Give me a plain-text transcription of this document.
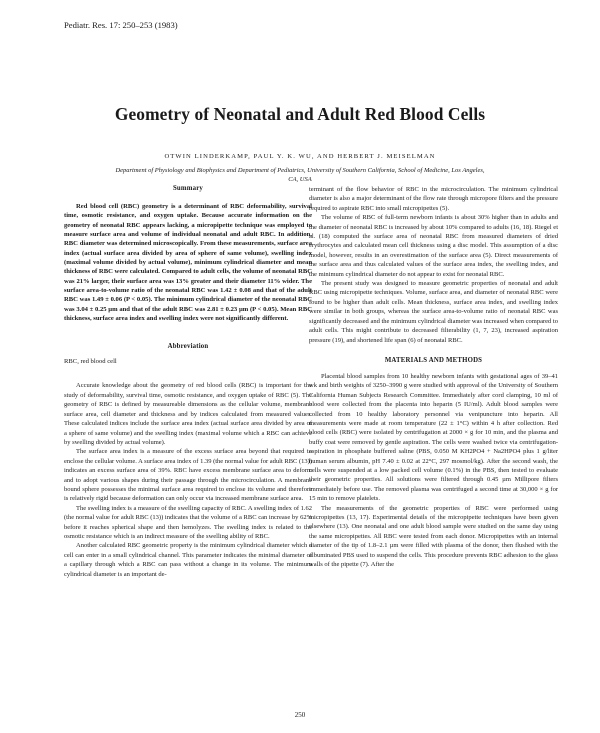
Pediatr. Res. 17: 250–253 (1983)
Geometry of Neonatal and Adult Red Blood Cells
OTWIN LINDERKAMP, PAUL Y. K. WU, AND HERBERT J. MEISELMAN
Department of Physiology and Biophysics and Department of Pediatrics, University of Southern California, School of Medicine, Los Angeles, CA, USA
Summary

Red blood cell (RBC) geometry is a determinant of RBC deformability, survival time, osmotic resistance, and oxygen uptake. Because accurate information on the geometry of neonatal RBC appears lacking, a micropipette technique was employed to measure surface area and volume of individual neonatal and adult RBC. In addition, RBC diameter was determined microscopically. From these measurements, surface area index (actual surface area divided by area of sphere of same volume), swelling index (maximal volume divided by actual volume), minimum cylindrical diameter and mean thickness of RBC were calculated. Compared to adult cells, the volume of neonatal RBC was 21% larger, their surface area was 13% greater and their diameter 11% wider. The surface area-to-volume ratio of the neonatal RBC was 1.42 ± 0.08 and that of the adult RBC was 1.49 ± 0.06 (P < 0.05). The minimum cylindrical diameter of the neonatal RBC was 3.04 ± 0.25 µm and that of the adult RBC was 2.81 ± 0.23 µm (P < 0.05). Mean RBC thickness, surface area index and swelling index were not significantly different.

Abbreviation

RBC, red blood cell

Accurate knowledge about the geometry of red blood cells (RBC) is important for the study of deformability, survival time, osmotic resistance, and oxygen uptake of RBC (5). The geometry of RBC is defined by measureable dimensions as the cellular volume, membrane surface area, cell diameter and thickness and by indices calculated from measured values. These calculated indices include the surface area index (actual surface area divided by area of a sphere of same volume) and the swelling index (maximal volume which a RBC can achieve by swelling divided by actual volume).

The surface area index is a measure of the excess surface area beyond that required to enclose the cellular volume. A surface area index of 1.39 (the normal value for adult RBC (13)) indicates an excess surface area of 39%. RBC have excess membrane surface area to deform and to adopt various shapes during their passage through the microcirculation. A membrane bound sphere possesses the minimal surface area required to enclose its volume and therefore is relatively rigid because deformation can only occur via increased membrane surface area.

The swelling index is a measure of the swelling capacity of RBC. A swelling index of 1.62 (the normal value for adult RBC (13)) indicates that the volume of a RBC can increase by 62% before it reaches spherical shape and then hemolyzes. The swelling index is related to the osmotic resistance which is an indirect measure of the swelling ability of RBC.

Another calculated RBC geometric property is the minimum cylindrical diameter which a cell can enter in a small cylindrical channel. This parameter indicates the minimal diameter of a capillary through which a RBC can pass without a change in its volume. The minimum cylindrical diameter is an important de-

terminant of the flow behavior of RBC in the microcirculation. The minimum cylindrical diameter is also a major determinant of the flow rate through micropore filters and the pressure required to aspirate RBC into small micropipettes (5).

The volume of RBC of full-term newborn infants is about 30% higher than in adults and the diameter of neonatal RBC is increased by about 10% compared to adults (16, 18). Riegel et al. (18) computed the surface area of neonatal RBC from measured diameters of dried erythrocytes and calculated mean cell thickness using a disc model. This assumption of a disc model, however, results in an overestimation of the surface area (5). Direct measurements of the surface area and thus calculated values of the surface area index, the swelling index, and the minimum cylindrical diameter do not appear to exist for neonatal RBC.

The present study was designed to measure geometric properties of neonatal and adult RBC using micropipette techniques. Volume, surface area, and diameter of neonatal RBC were found to be higher than adult cells. Mean thickness, surface area index, and swelling index were similar in both groups, whereas the surface area-to-volume ratio of neonatal RBC was significantly decreased and the minimum cylindrical diameter was increased when compared to adult cells. This might contribute to decreased filterability (1, 7, 23), increased aspiration pressure (19), and shortened life span (6) of neonatal RBC.

MATERIALS AND METHODS

Placental blood samples from 10 healthy newborn infants with gestational ages of 39–41 wk and birth weights of 3250–3990 g were studied with approval of the University of Southern California Human Subjects Research Committee. Immediately after cord clamping, 10 ml of blood were collected from the placenta into heparin (5 IU/ml). Adult blood samples were collected from 10 healthy laboratory personnel via venipuncture into heparin. All measurements were made at room temperature (22 ± 1°C) within 4 h after collection. Red blood cells (RBC) were isolated by centrifugation at 2000 × g for 10 min, and the plasma and buffy coat were removed by gentle aspiration. The cells were washed twice via centrifugation-aspiration in phosphate buffered saline (PBS, 0.050 M KH2PO4 + Na2HPO4 plus 1 g/liter human serum albumin, pH 7.40 ± 0.02 at 22°C, 297 mosmol/kg). After the second wash, the cells were suspended at a low packed cell volume (0.1%) in the PBS, then tested to evaluate their geometric properties. All solutions were filtered through 0.45 µm Millipore filters immediately before use. The removed plasma was centrifuged a second time at 30,000 × g for 15 min to remove platelets.

The measurements of the geometric properties of RBC were performed using micropipettes (13, 17). Experimental details of the micropipette techniques have been given elsewhere (13). One neonatal and one adult blood sample were studied on the same day using the same micropipettes. All RBC were tested from each donor. Micropipettes with an internal diameter of the tip of 1.8–2.1 µm were filled with plasma of the donor, then flushed with the albuminated PBS used to suspend the cells. This procedure prevents RBC adhesion to the glass walls of the pipette (7). After the

250
